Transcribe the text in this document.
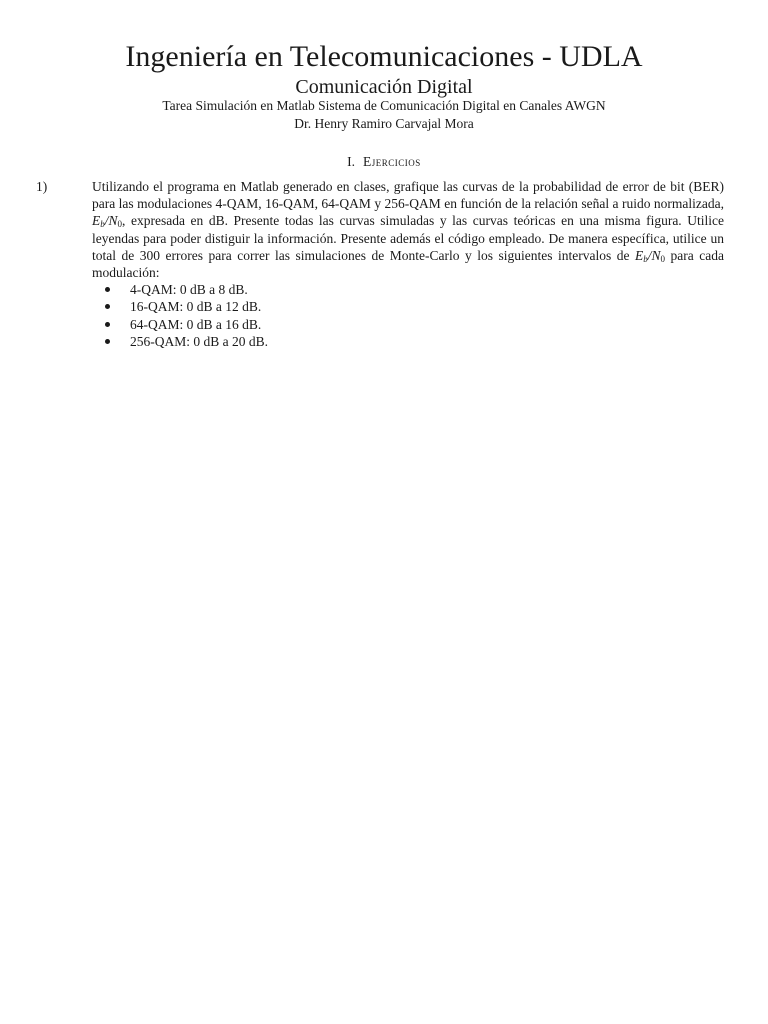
Ingeniería en Telecomunicaciones - UDLA
Comunicación Digital
Tarea Simulación en Matlab Sistema de Comunicación Digital en Canales AWGN
Dr. Henry Ramiro Carvajal Mora
I. Ejercicios
1)	Utilizando el programa en Matlab generado en clases, grafique las curvas de la probabilidad de error de bit (BER) para las modulaciones 4-QAM, 16-QAM, 64-QAM y 256-QAM en función de la relación señal a ruido normalizada, $E_b/N_0$, expresada en dB. Presente todas las curvas simuladas y las curvas teóricas en una misma figura. Utilice leyendas para poder distiguir la información. Presente además el código empleado. De manera específica, utilice un total de 300 errores para correr las simulaciones de Monte-Carlo y los siguientes intervalos de $E_b/N_0$ para cada modulación:
4-QAM: 0 dB a 8 dB.
16-QAM: 0 dB a 12 dB.
64-QAM: 0 dB a 16 dB.
256-QAM: 0 dB a 20 dB.
